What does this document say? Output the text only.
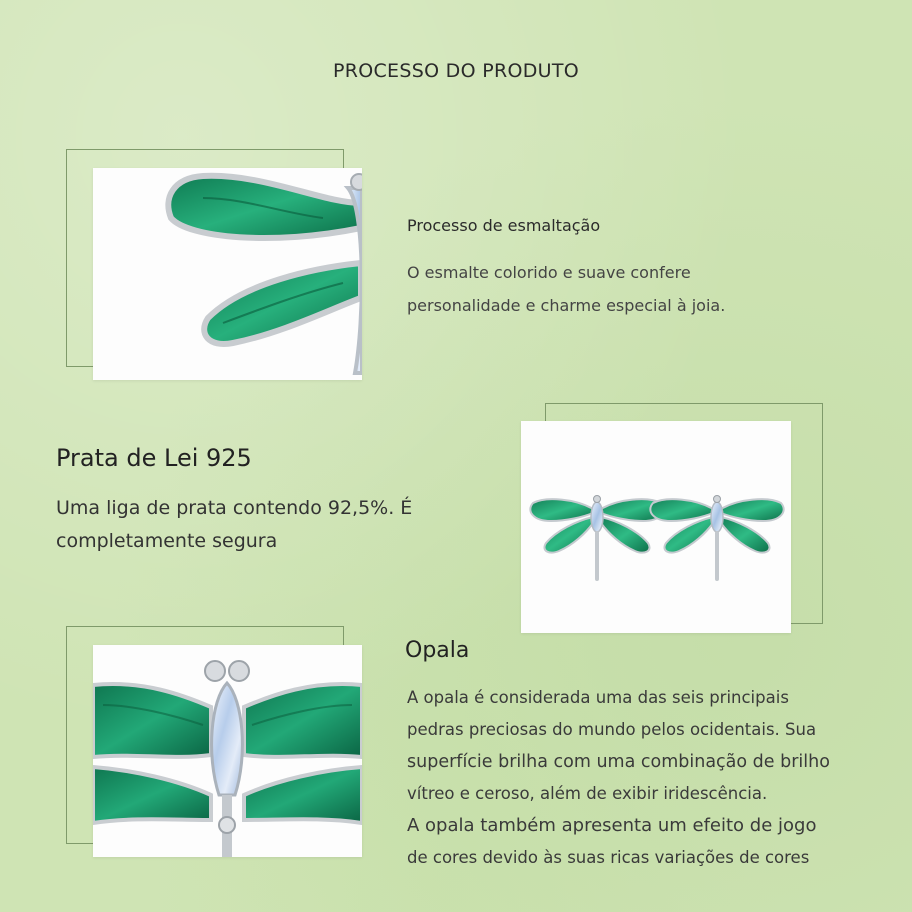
PROCESSO DO PRODUTO
Processo de esmaltação
O esmalte colorido e suave confere
personalidade e charme especial à joia.
Prata de Lei 925
Uma liga de prata contendo 92,5%. É
completamente segura
Opala
A opala é considerada uma das seis principais
pedras preciosas do mundo pelos ocidentais. Sua
superfície brilha com uma combinação de brilho
vítreo e ceroso, além de exibir iridescência.
A opala também apresenta um efeito de jogo
de cores devido às suas ricas variações de cores
